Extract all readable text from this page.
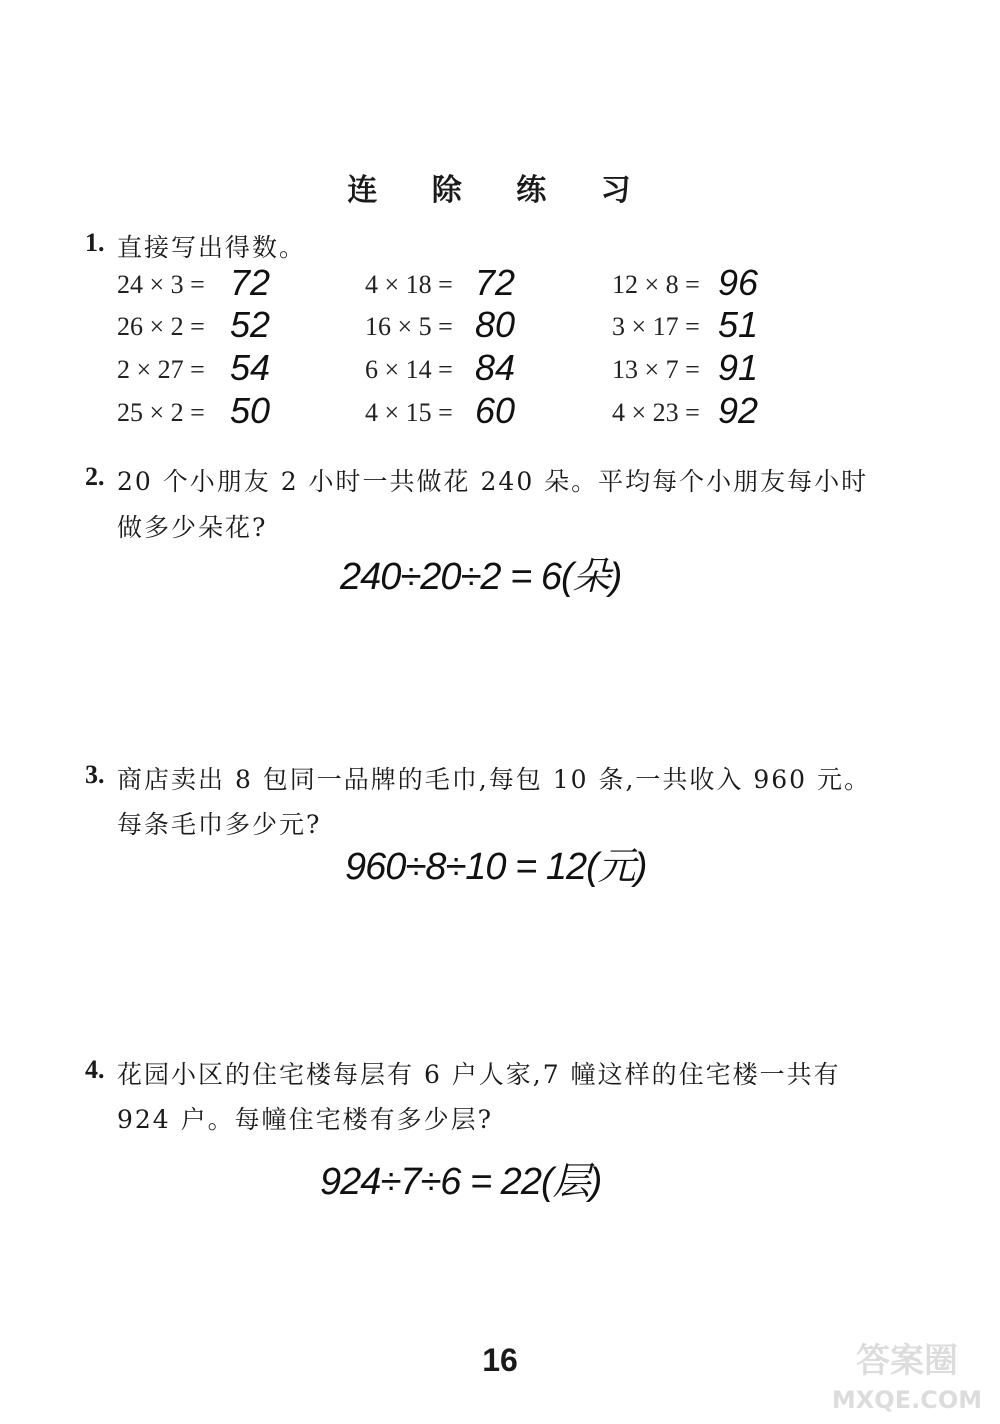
连 除 练 习
1. 直接写出得数。
24 × 3 = 72	4 × 18 = 72	12 × 8 = 96
26 × 2 = 52	16 × 5 = 80	3 × 17 = 51
2 × 27 = 54	6 × 14 = 84	13 × 7 = 91
25 × 2 = 50	4 × 15 = 60	4 × 23 = 92
2. 20 个小朋友 2 小时一共做花 240 朵。平均每个小朋友每小时
做多少朵花?
240÷20÷2 = 6(朵)
3. 商店卖出 8 包同一品牌的毛巾,每包 10 条,一共收入 960 元。
每条毛巾多少元?
960÷8÷10 = 12(元)
4. 花园小区的住宅楼每层有 6 户人家,7 幢这样的住宅楼一共有
924 户。每幢住宅楼有多少层?
924÷7÷6 = 22(层)
16	答案圈
MXQE.COM
